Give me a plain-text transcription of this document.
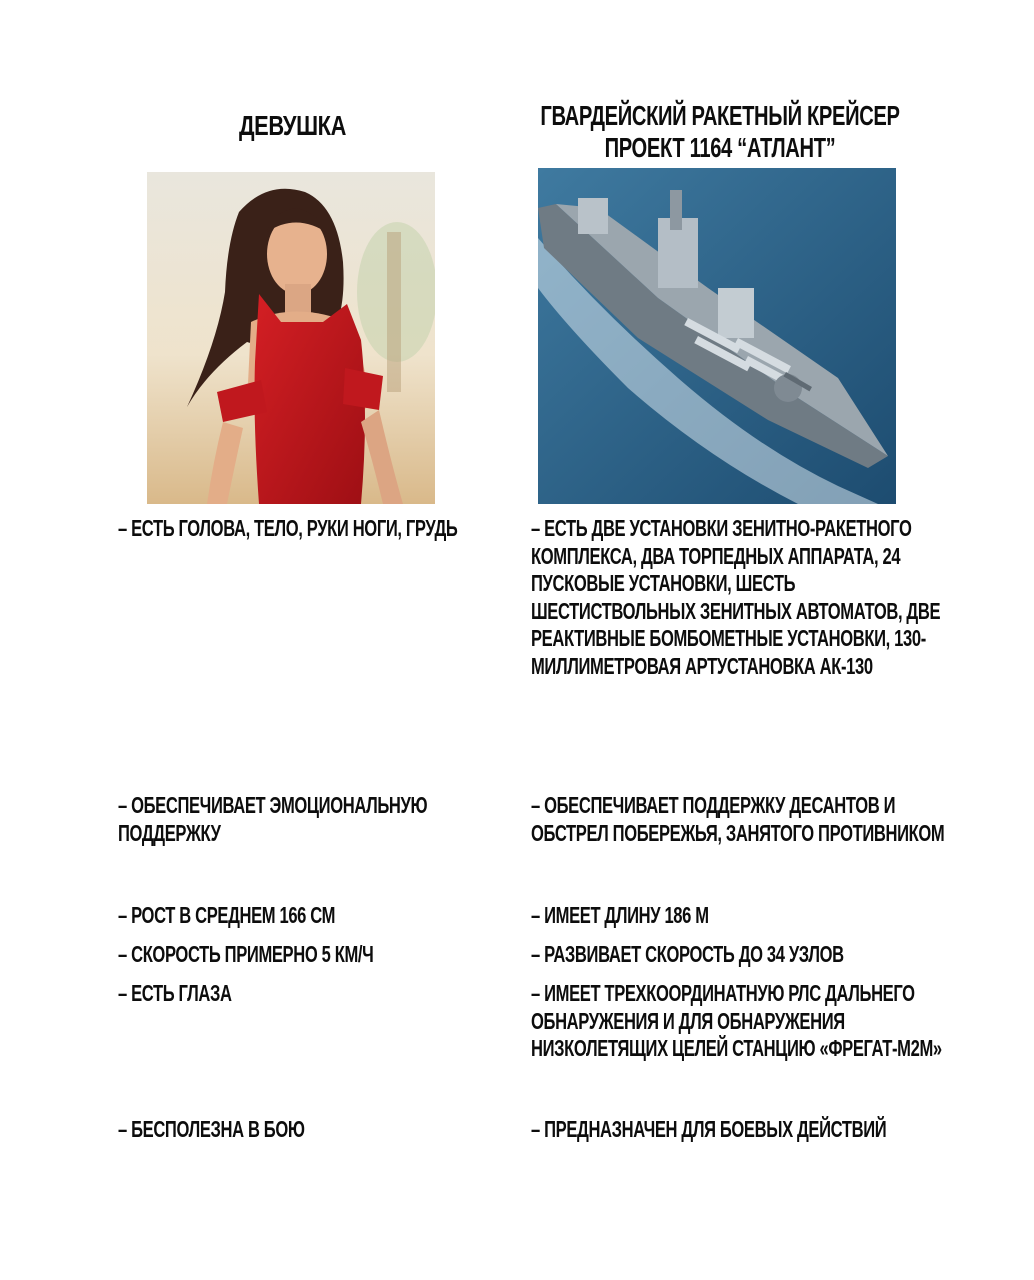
ДЕВУШКА	ГВАРДЕЙСКИЙ РАКЕТНЫЙ КРЕЙСЕР ПРОЕКТ 1164 “АТЛАНТ”
– ЕСТЬ ГОЛОВА, ТЕЛО, РУКИ НОГИ, ГРУДЬ
– ОБЕСПЕЧИВАЕТ ЭМОЦИОНАЛЬНУЮ ПОДДЕРЖКУ
– РОСТ В СРЕДНЕМ 166 СМ
– СКОРОСТЬ ПРИМЕРНО 5 КМ/Ч
– ЕСТЬ ГЛАЗА
– БЕСПОЛЕЗНА В БОЮ
– ЕСТЬ ДВЕ УСТАНОВКИ ЗЕНИТНО-РАКЕТНОГО КОМПЛЕКСА, ДВА ТОРПЕДНЫХ АППАРАТА, 24 ПУСКОВЫЕ УСТАНОВКИ, ШЕСТЬ ШЕСТИСТВОЛЬНЫХ ЗЕНИТНЫХ АВТОМАТОВ, ДВЕ РЕАКТИВНЫЕ БОМБОМЕТНЫЕ УСТАНОВКИ, 130-МИЛЛИМЕТРОВАЯ АРТУСТАНОВКА АК-130
– ОБЕСПЕЧИВАЕТ ПОДДЕРЖКУ ДЕСАНТОВ И ОБСТРЕЛ ПОБЕРЕЖЬЯ, ЗАНЯТОГО ПРОТИВНИКОМ
– ИМЕЕТ ДЛИНУ 186 М
– РАЗВИВАЕТ СКОРОСТЬ ДО 34 УЗЛОВ
– ИМЕЕТ ТРЕХКООРДИНАТНУЮ РЛС ДАЛЬНЕГО ОБНАРУЖЕНИЯ И ДЛЯ ОБНАРУЖЕНИЯ НИЗКОЛЕТЯЩИХ ЦЕЛЕЙ СТАНЦИЮ «ФРЕГАТ-М2М»
– ПРЕДНАЗНАЧЕН ДЛЯ БОЕВЫХ ДЕЙСТВИЙ
